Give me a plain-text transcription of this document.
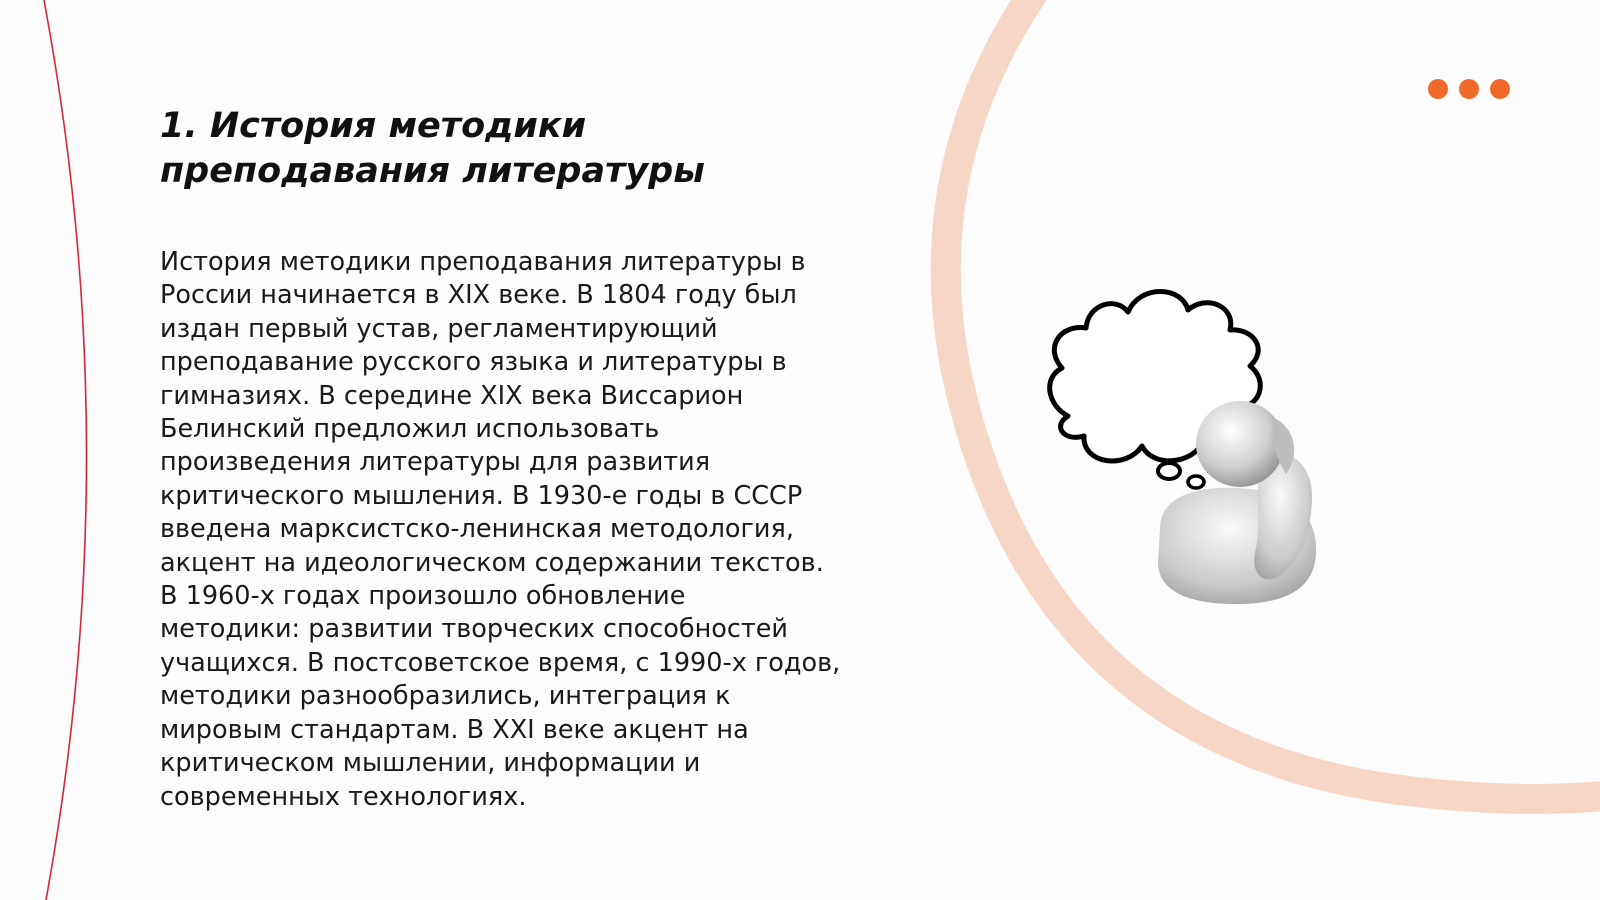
1. История методики
преподавания литературы
История методики преподавания литературы в
России начинается в XIX веке. В 1804 году был
издан первый устав, регламентирующий
преподавание русского языка и литературы в
гимназиях. В середине XIX века Виссарион
Белинский предложил использовать
произведения литературы для развития
критического мышления. В 1930-е годы в СССР
введена марксистско-ленинская методология,
акцент на идеологическом содержании текстов.
В 1960-х годах произошло обновление
методики: развитии творческих способностей
учащихся. В постсоветское время, с 1990-х годов,
методики разнообразились, интеграция к
мировым стандартам. В XXI веке акцент на
критическом мышлении, информации и
современных технологиях.
